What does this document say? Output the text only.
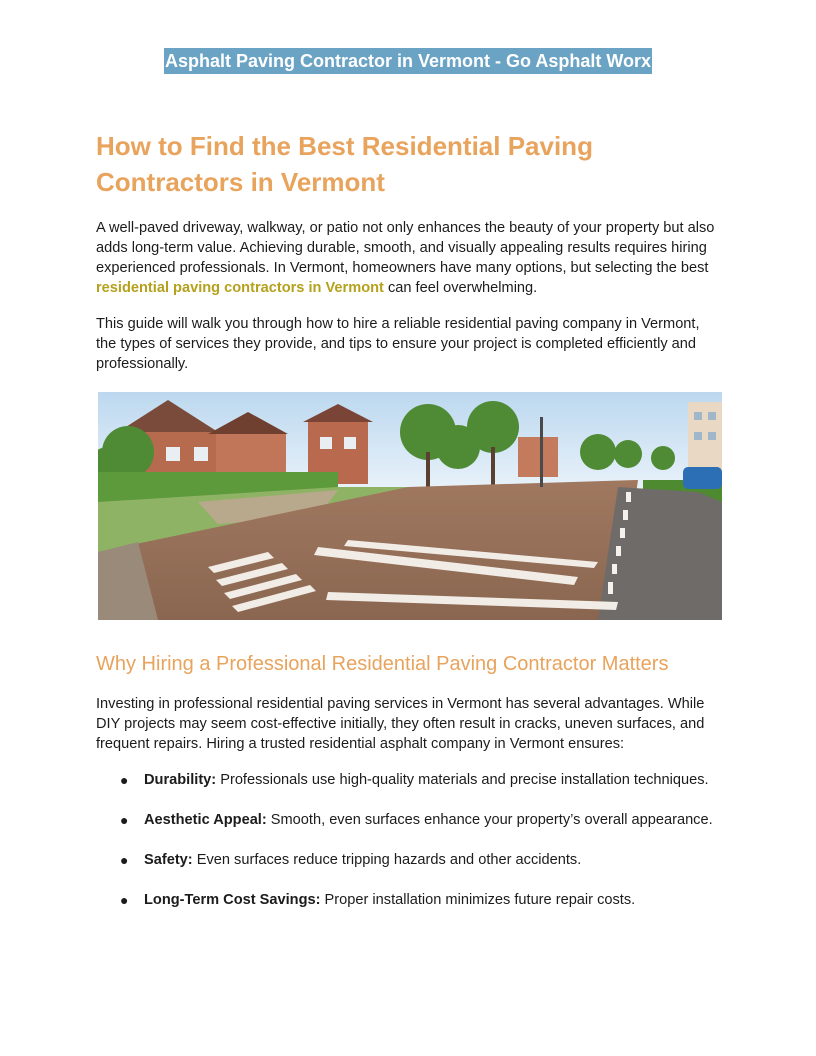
Asphalt Paving Contractor in Vermont - Go Asphalt Worx
How to Find the Best Residential Paving Contractors in Vermont

A well-paved driveway, walkway, or patio not only enhances the beauty of your property but also adds long-term value. Achieving durable, smooth, and visually appealing results requires hiring experienced professionals. In Vermont, homeowners have many options, but selecting the best residential paving contractors in Vermont can feel overwhelming.

This guide will walk you through how to hire a reliable residential paving company in Vermont, the types of services they provide, and tips to ensure your project is completed efficiently and professionally.

Why Hiring a Professional Residential Paving Contractor Matters

Investing in professional residential paving services in Vermont has several advantages. While DIY projects may seem cost-effective initially, they often result in cracks, uneven surfaces, and frequent repairs. Hiring a trusted residential asphalt company in Vermont ensures:

● Durability: Professionals use high-quality materials and precise installation techniques.
● Aesthetic Appeal: Smooth, even surfaces enhance your property’s overall appearance.
● Safety: Even surfaces reduce tripping hazards and other accidents.
● Long-Term Cost Savings: Proper installation minimizes future repair costs.
